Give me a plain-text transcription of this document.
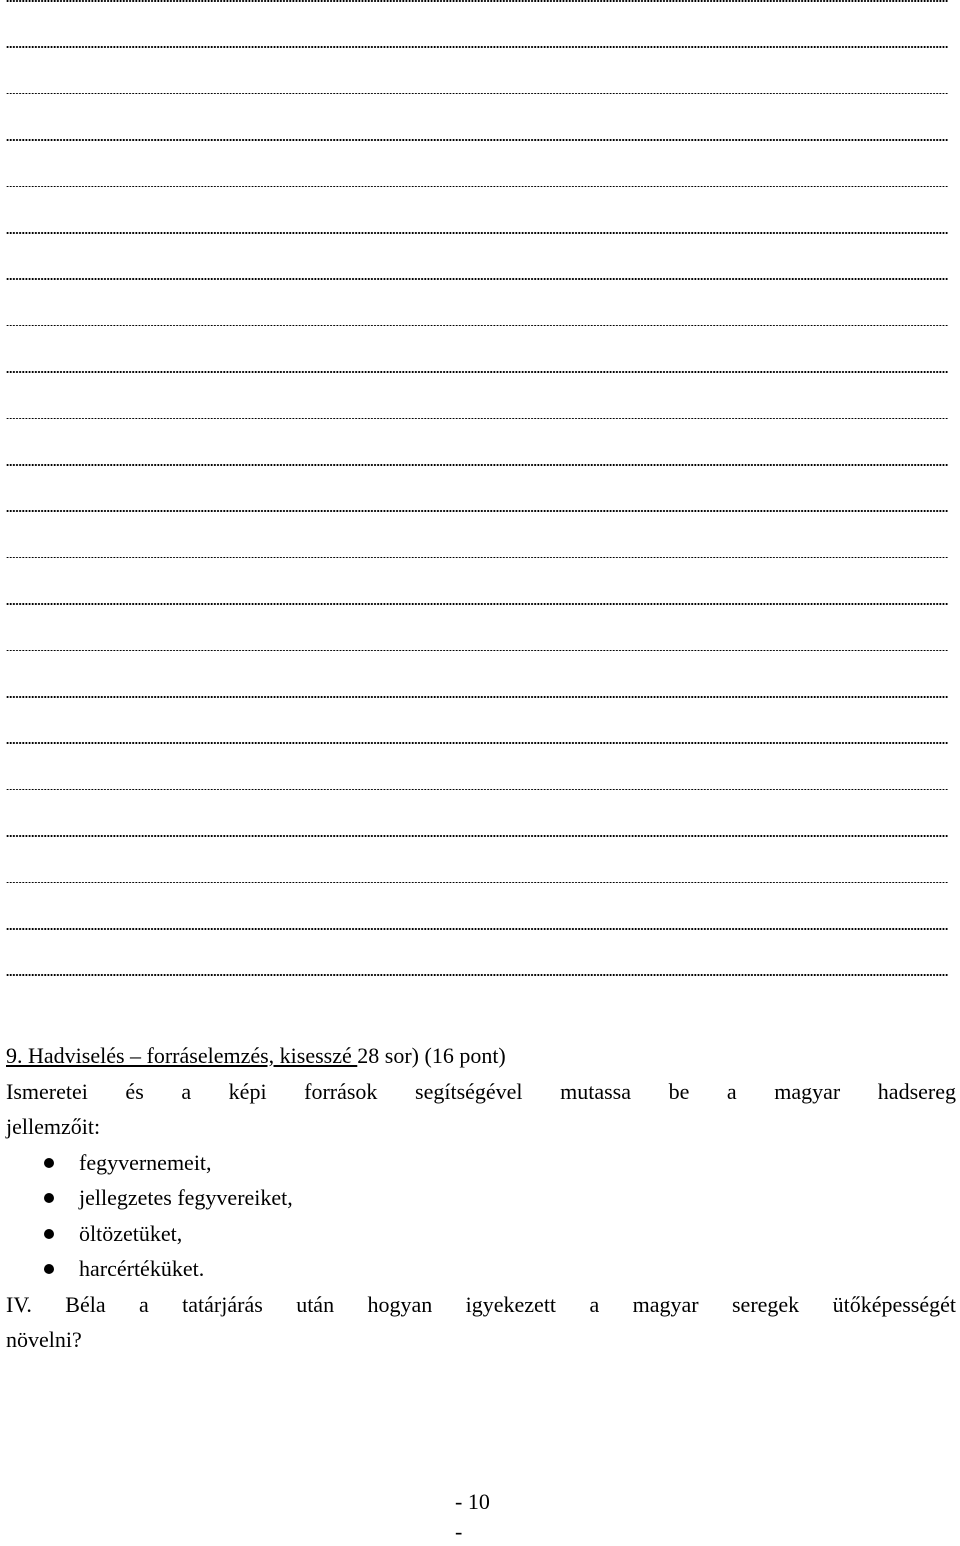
9. Hadviselés – forráselemzés, kisesszé 28 sor) (16 pont)

Ismeretei és a képi források segítségével mutassa be a magyar hadsereg

jellemzőit:

fegyvernemeit,
jellegzetes fegyvereiket,
öltözetüket,
harcértéküket.

IV. Béla a tatárjárás után hogyan igyekezett a magyar seregek ütőképességét

növelni?

- 10
-
